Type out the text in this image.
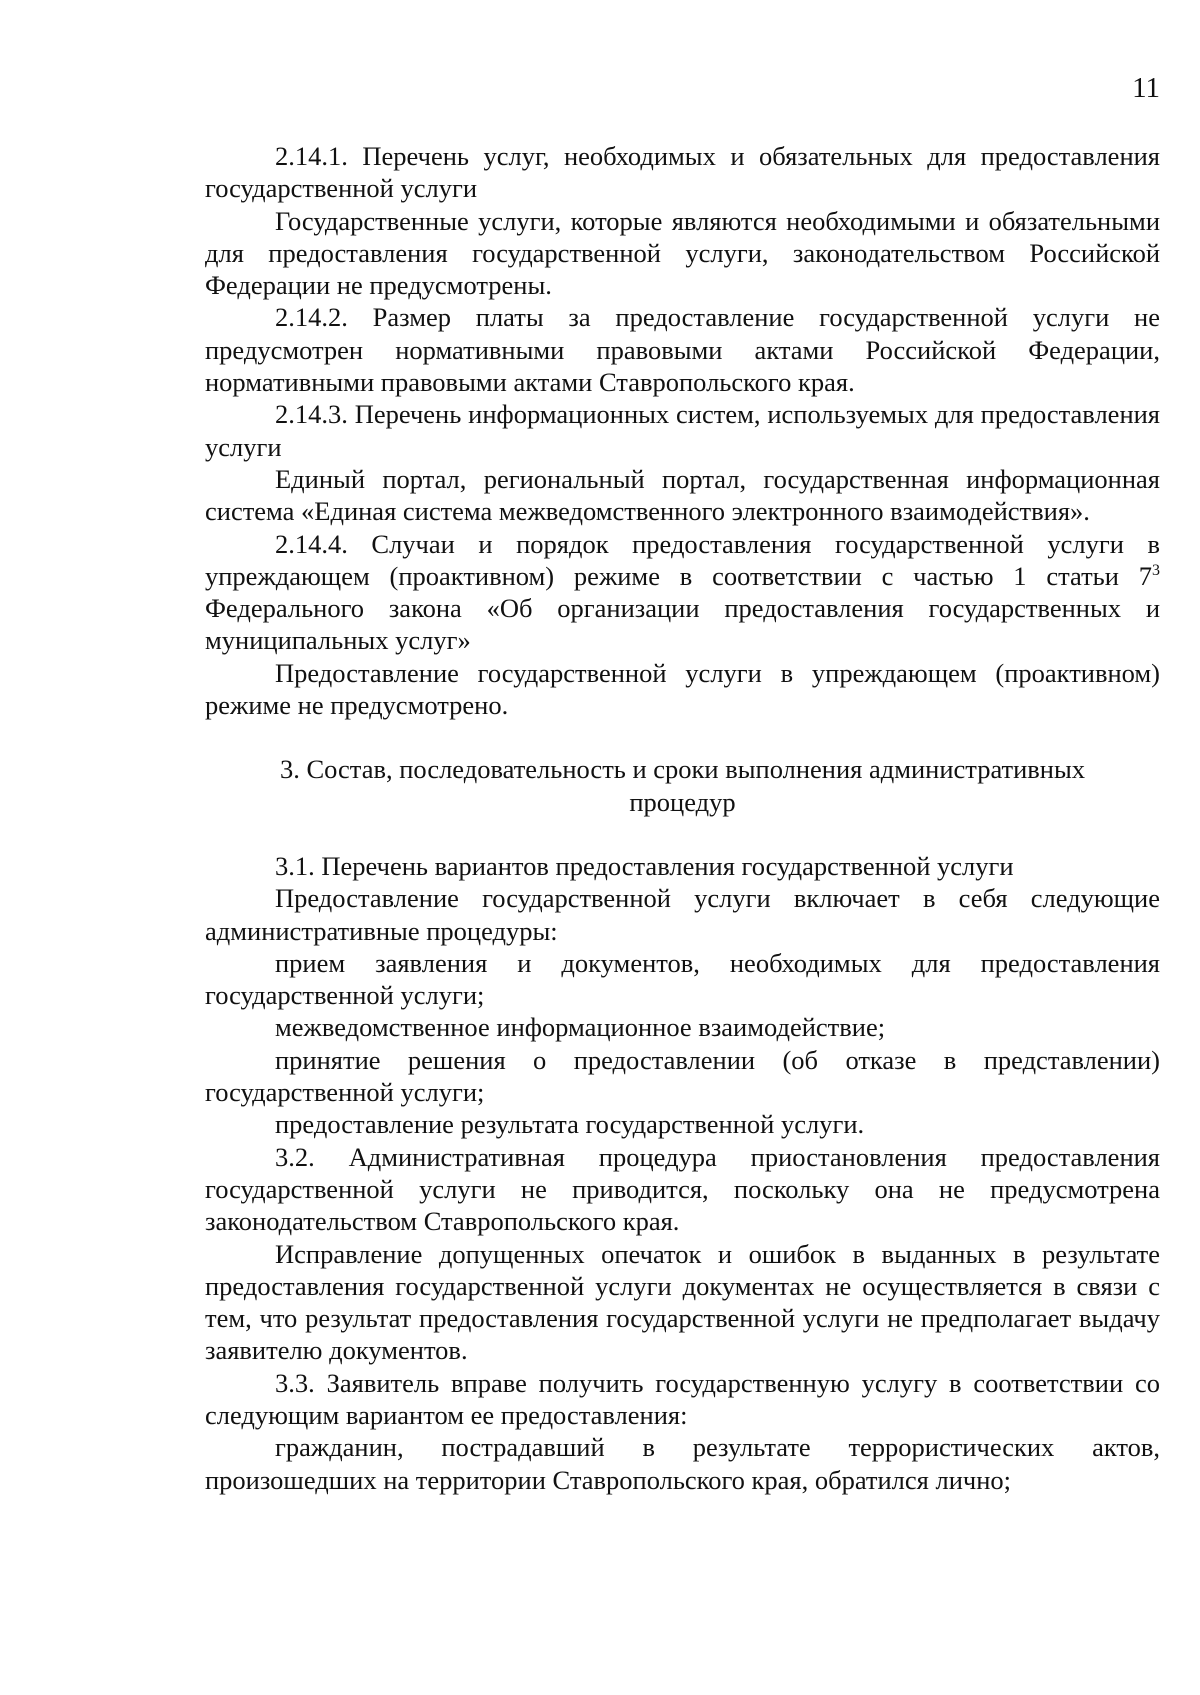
11

2.14.1. Перечень услуг, необходимых и обязательных для предоставления государственной услуги

Государственные услуги, которые являются необходимыми и обязательными для предоставления государственной услуги, законодательством Российской Федерации не предусмотрены.

2.14.2. Размер платы за предоставление государственной услуги не предусмотрен нормативными правовыми актами Российской Федерации, нормативными правовыми актами Ставропольского края.

2.14.3. Перечень информационных систем, используемых для предоставления услуги

Единый портал, региональный портал, государственная информационная система «Единая система межведомственного электронного взаимодействия».

2.14.4. Случаи и порядок предоставления государственной услуги в упреждающем (проактивном) режиме в соответствии с частью 1 статьи $7^3$ Федерального закона «Об организации предоставления государственных и муниципальных услуг»

Предоставление государственной услуги в упреждающем (проактивном) режиме не предусмотрено.

3. Состав, последовательность и сроки выполнения административных процедур

3.1. Перечень вариантов предоставления государственной услуги

Предоставление государственной услуги включает в себя следующие административные процедуры:

прием заявления и документов, необходимых для предоставления государственной услуги;

межведомственное информационное взаимодействие;

принятие решения о предоставлении (об отказе в представлении) государственной услуги;

предоставление результата государственной услуги.

3.2. Административная процедура приостановления предоставления государственной услуги не приводится, поскольку она не предусмотрена законодательством Ставропольского края.

Исправление допущенных опечаток и ошибок в выданных в результате предоставления государственной услуги документах не осуществляется в связи с тем, что результат предоставления государственной услуги не предполагает выдачу заявителю документов.

3.3. Заявитель вправе получить государственную услугу в соответствии со следующим вариантом ее предоставления:

гражданин, пострадавший в результате террористических актов, произошедших на территории Ставропольского края, обратился лично;
